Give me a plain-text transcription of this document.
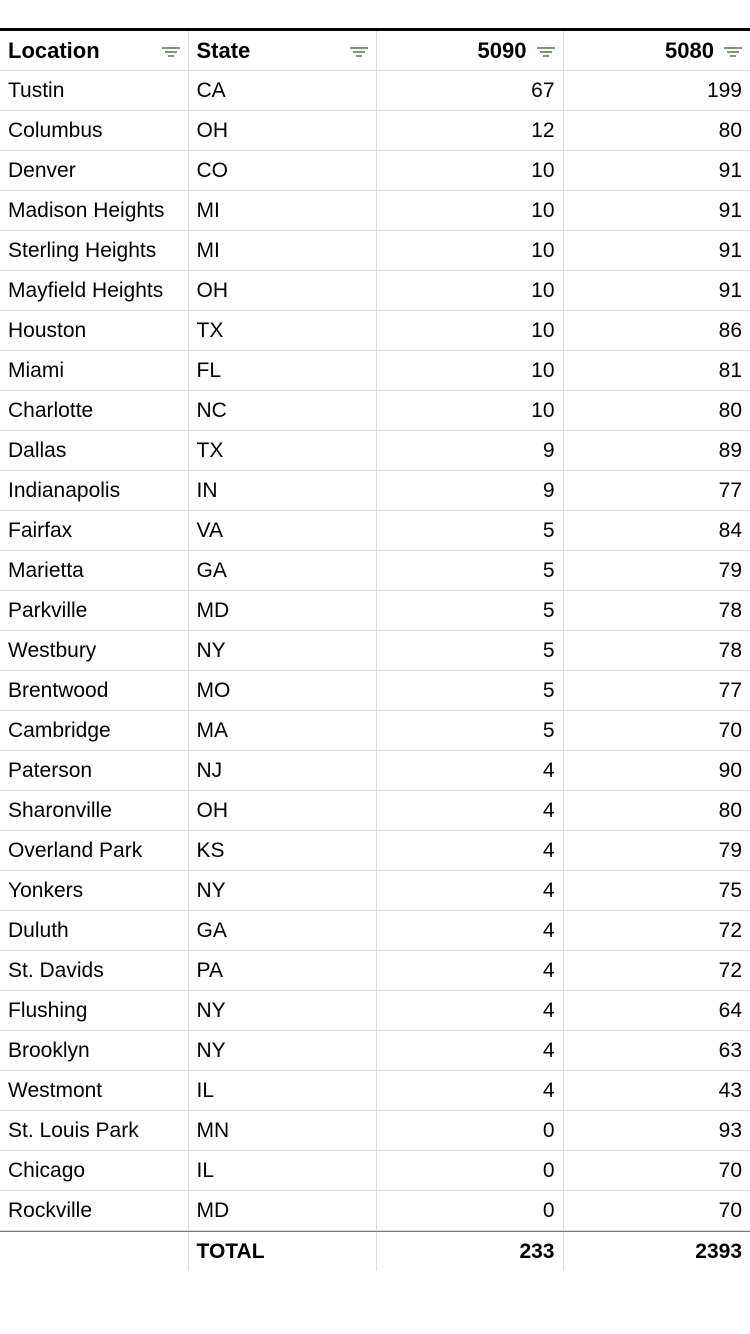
Location	State	5090	5080

Tustin	CA	67	199
Columbus	OH	12	80
Denver	CO	10	91
Madison Heights	MI	10	91
Sterling Heights	MI	10	91
Mayfield Heights	OH	10	91
Houston	TX	10	86
Miami	FL	10	81
Charlotte	NC	10	80
Dallas	TX	9	89
Indianapolis	IN	9	77
Fairfax	VA	5	84
Marietta	GA	5	79
Parkville	MD	5	78
Westbury	NY	5	78
Brentwood	MO	5	77
Cambridge	MA	5	70
Paterson	NJ	4	90
Sharonville	OH	4	80
Overland Park	KS	4	79
Yonkers	NY	4	75
Duluth	GA	4	72
St. Davids	PA	4	72
Flushing	NY	4	64
Brooklyn	NY	4	63
Westmont	IL	4	43
St. Louis Park	MN	0	93
Chicago	IL	0	70
Rockville	MD	0	70

	TOTAL	233	2393
